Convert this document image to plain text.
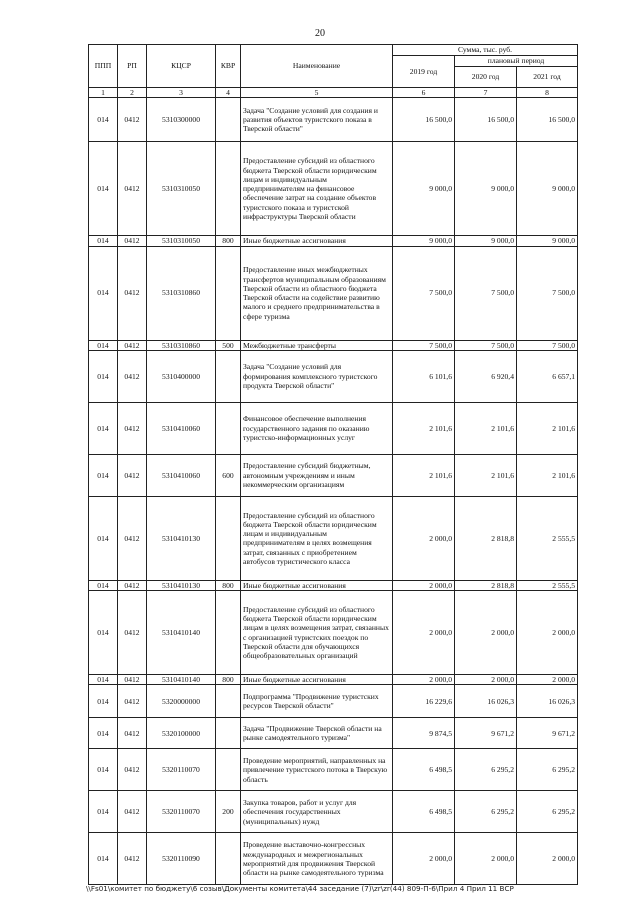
20
ППП	РП	КЦСР	КВР	Наименование	Сумма, тыс. руб.		
					2019 год	плановый период	
						2020 год	2021 год
1	2	3	4	5	6	7	8
014	0412	5310300000		Задача "Создание условий для создания и развития объектов туристского показа в Тверской области"	16 500,0	16 500,0	16 500,0
014	0412	5310310050		Предоставление субсидий из областного бюджета Тверской области юридическим лицам и индивидуальным предпринимателям на финансовое обеспечение затрат на создание объектов туристского показа и туристской инфраструктуры Тверской области	9 000,0	9 000,0	9 000,0
014	0412	5310310050	800	Иные бюджетные ассигнования	9 000,0	9 000,0	9 000,0
014	0412	5310310860		Предоставление иных межбюджетных трансфертов муниципальным образованиям Тверской области из областного бюджета Тверской области на содействие развитию малого и среднего предпринимательства в сфере туризма	7 500,0	7 500,0	7 500,0
014	0412	5310310860	500	Межбюджетные трансферты	7 500,0	7 500,0	7 500,0
014	0412	5310400000		Задача "Создание условий для формирования комплексного туристского продукта Тверской области"	6 101,6	6 920,4	6 657,1
014	0412	5310410060		Финансовое обеспечение выполнения государственного задания по оказанию туристско-информационных услуг	2 101,6	2 101,6	2 101,6
014	0412	5310410060	600	Предоставление субсидий бюджетным, автономным учреждениям и иным некоммерческим организациям	2 101,6	2 101,6	2 101,6
014	0412	5310410130		Предоставление субсидий из областного бюджета Тверской области юридическим лицам и индивидуальным предпринимателям в целях возмещения затрат, связанных с приобретением автобусов туристического класса	2 000,0	2 818,8	2 555,5
014	0412	5310410130	800	Иные бюджетные ассигнования	2 000,0	2 818,8	2 555,5
014	0412	5310410140		Предоставление субсидий из областного бюджета Тверской области юридическим лицам в целях возмещения затрат, связанных с организацией туристских поездок по Тверской области для обучающихся общеобразовательных организаций	2 000,0	2 000,0	2 000,0
014	0412	5310410140	800	Иные бюджетные ассигнования	2 000,0	2 000,0	2 000,0
014	0412	5320000000		Подпрограмма "Продвижение туристских ресурсов Тверской области"	16 229,6	16 026,3	16 026,3
014	0412	5320100000		Задача "Продвижение Тверской области на рынке самодеятельного туризма"	9 874,5	9 671,2	9 671,2
014	0412	5320110070		Проведение мероприятий, направленных на привлечение туристского потока в Тверскую область	6 498,5	6 295,2	6 295,2
014	0412	5320110070	200	Закупка товаров, работ и услуг для обеспечения государственных (муниципальных) нужд	6 498,5	6 295,2	6 295,2
014	0412	5320110090		Проведение выставочно-конгрессных международных и межрегиональных мероприятий для продвижения Тверской области на рынке самодеятельного туризма	2 000,0	2 000,0	2 000,0
\\Fs01\комитет по бюджету\6 созыв\Документы комитета\44 заседание (7)\zr\zr(44) 809-П-6\Прил 4 Прил 11 ВСР
